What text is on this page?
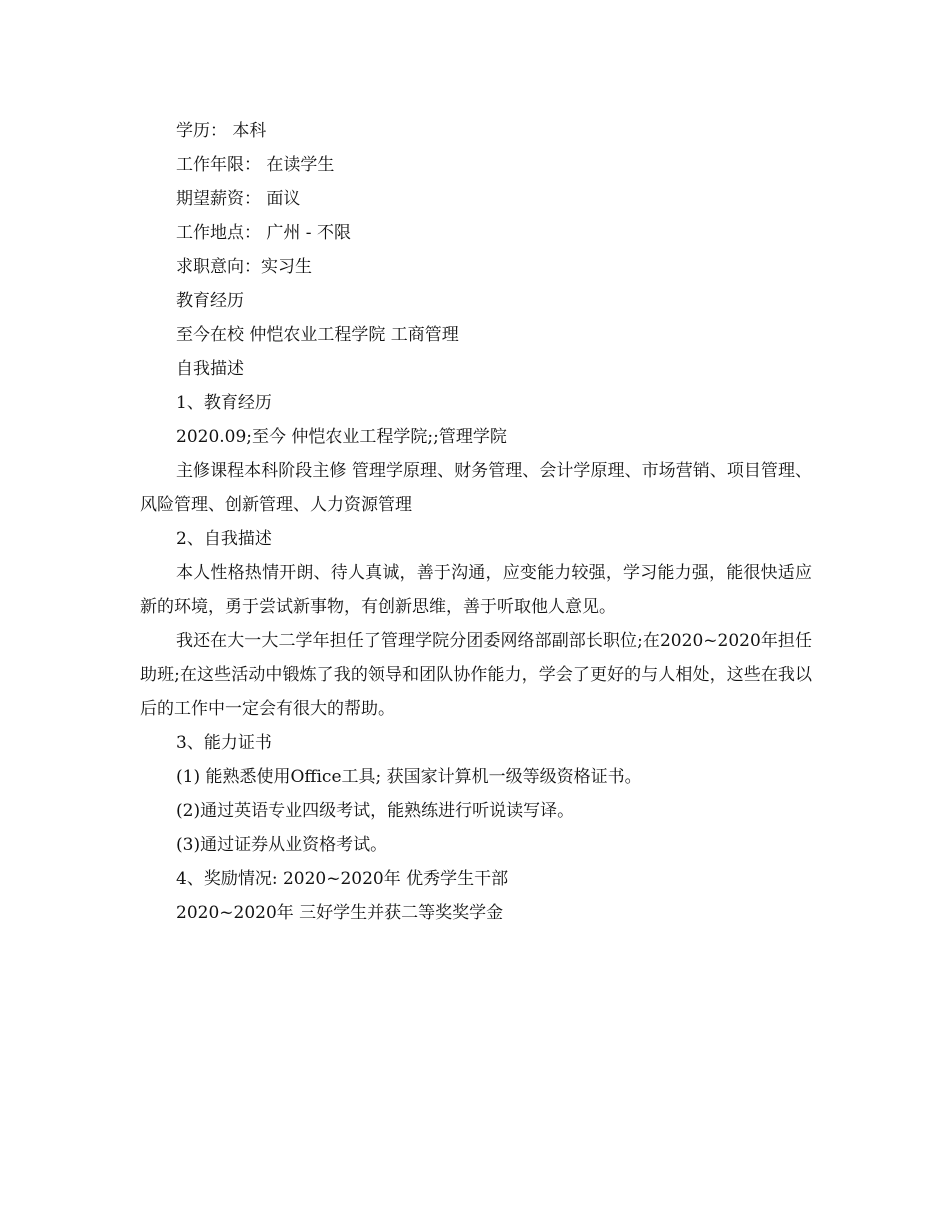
学历： 本科

工作年限： 在读学生

期望薪资： 面议

工作地点： 广州 - 不限

求职意向：实习生

教育经历

至今在校 仲恺农业工程学院 工商管理

自我描述

1、教育经历

2020.09;至今 仲恺农业工程学院;;管理学院

主修课程本科阶段主修 管理学原理、财务管理、会计学原理、市场营销、项目管理、风险管理、创新管理、人力资源管理

2、自我描述

本人性格热情开朗、待人真诚，善于沟通，应变能力较强，学习能力强，能很快适应新的环境，勇于尝试新事物，有创新思维，善于听取他人意见。

我还在大一大二学年担任了管理学院分团委网络部副部长职位;在2020~2020年担任助班;在这些活动中锻炼了我的领导和团队协作能力，学会了更好的与人相处，这些在我以后的工作中一定会有很大的帮助。

3、能力证书

(1) 能熟悉使用Office工具; 获国家计算机一级等级资格证书。

(2)通过英语专业四级考试，能熟练进行听说读写译。

(3)通过证券从业资格考试。

4、奖励情况: 2020~2020年 优秀学生干部

2020~2020年 三好学生并获二等奖奖学金
